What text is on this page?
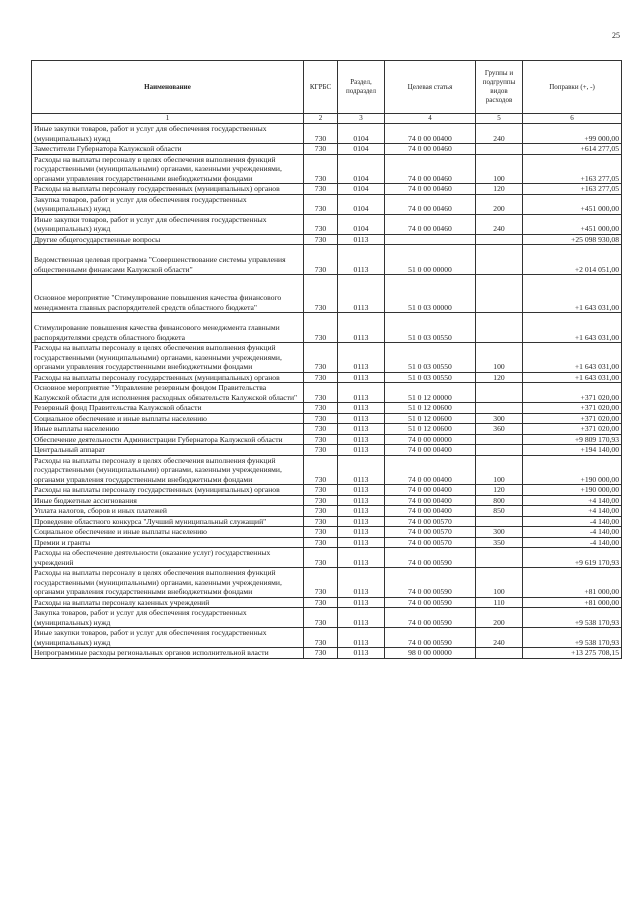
25
Наименование	КГРБС	Раздел, подраздел	Целевая статья	Группы и подгруппы видов расходов	Поправки (+, -)
1	2	3	4	5	6
Иные закупки товаров, работ и услуг для обеспечения государственных (муниципальных) нужд	730	0104	74 0 00 00400	240	+99 000,00
Заместители Губернатора Калужской области	730	0104	74 0 00 00460		+614 277,05
Расходы на выплаты персоналу в целях обеспечения выполнения функций государственными (муниципальными) органами, казенными учреждениями, органами управления государственными внебюджетными фондами	730	0104	74 0 00 00460	100	+163 277,05
Расходы на выплаты персоналу государственных (муниципальных) органов	730	0104	74 0 00 00460	120	+163 277,05
Закупка товаров, работ и услуг для обеспечения государственных (муниципальных) нужд	730	0104	74 0 00 00460	200	+451 000,00
Иные закупки товаров, работ и услуг для обеспечения государственных (муниципальных) нужд	730	0104	74 0 00 00460	240	+451 000,00
Другие общегосударственные вопросы	730	0113			+25 098 930,08
Ведомственная целевая программа "Совершенствование системы управления общественными финансами Калужской области"	730	0113	51 0 00 00000		+2 014 051,00
Основное мероприятие "Стимулирование повышения качества финансового менеджмента главных распорядителей средств областного бюджета"	730	0113	51 0 03 00000		+1 643 031,00
Стимулирование повышения качества финансового менеджмента главными распорядителями средств областного бюджета	730	0113	51 0 03 00550		+1 643 031,00
Расходы на выплаты персоналу в целях обеспечения выполнения функций государственными (муниципальными) органами, казенными учреждениями, органами управления государственными внебюджетными фондами	730	0113	51 0 03 00550	100	+1 643 031,00
Расходы на выплаты персоналу государственных (муниципальных) органов	730	0113	51 0 03 00550	120	+1 643 031,00
Основное мероприятие "Управление резервным фондом Правительства Калужской области для исполнения расходных обязательств Калужской области"	730	0113	51 0 12 00000		+371 020,00
Резервный фонд Правительства Калужской области	730	0113	51 0 12 00600		+371 020,00
Социальное обеспечение и иные выплаты населению	730	0113	51 0 12 00600	300	+371 020,00
Иные выплаты населению	730	0113	51 0 12 00600	360	+371 020,00
Обеспечение деятельности Администрации Губернатора Калужской области	730	0113	74 0 00 00000		+9 809 170,93
Центральный аппарат	730	0113	74 0 00 00400		+194 140,00
Расходы на выплаты персоналу в целях обеспечения выполнения функций государственными (муниципальными) органами, казенными учреждениями, органами управления государственными внебюджетными фондами	730	0113	74 0 00 00400	100	+190 000,00
Расходы на выплаты персоналу государственных (муниципальных) органов	730	0113	74 0 00 00400	120	+190 000,00
Иные бюджетные ассигнования	730	0113	74 0 00 00400	800	+4 140,00
Уплата налогов, сборов и иных платежей	730	0113	74 0 00 00400	850	+4 140,00
Проведение областного конкурса "Лучший муниципальный служащий"	730	0113	74 0 00 00570		-4 140,00
Социальное обеспечение и иные выплаты населению	730	0113	74 0 00 00570	300	-4 140,00
Премии и гранты	730	0113	74 0 00 00570	350	-4 140,00
Расходы на обеспечение деятельности (оказание услуг) государственных учреждений	730	0113	74 0 00 00590		+9 619 170,93
Расходы на выплаты персоналу в целях обеспечения выполнения функций государственными (муниципальными) органами, казенными учреждениями, органами управления государственными внебюджетными фондами	730	0113	74 0 00 00590	100	+81 000,00
Расходы на выплаты персоналу казенных учреждений	730	0113	74 0 00 00590	110	+81 000,00
Закупка товаров, работ и услуг для обеспечения государственных (муниципальных) нужд	730	0113	74 0 00 00590	200	+9 538 170,93
Иные закупки товаров, работ и услуг для обеспечения государственных (муниципальных) нужд	730	0113	74 0 00 00590	240	+9 538 170,93
Непрограммные расходы региональных органов исполнительной власти	730	0113	98 0 00 00000		+13 275 708,15
